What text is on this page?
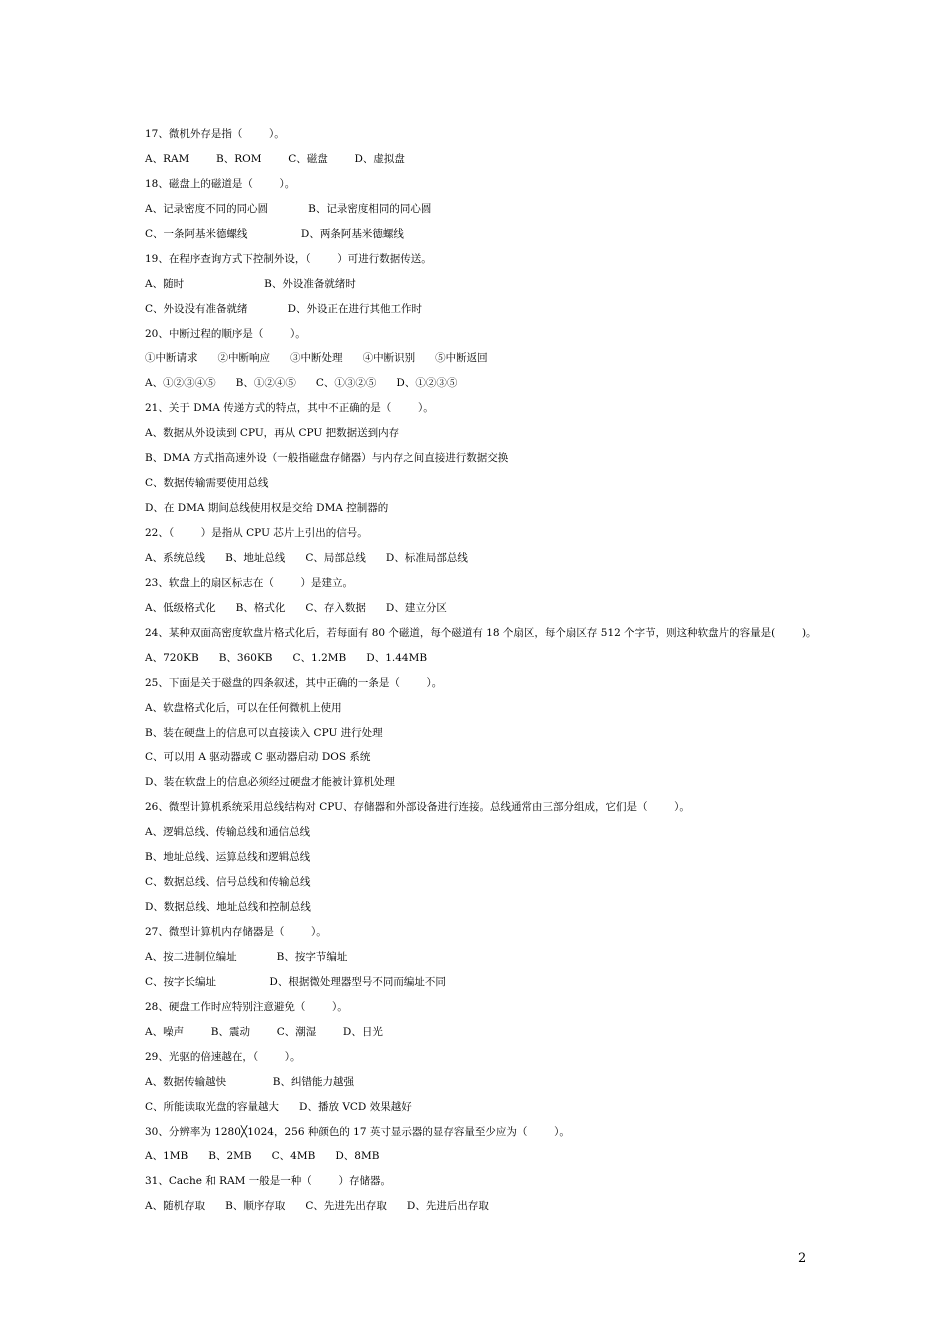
17、微机外存是指（        ）。
A、RAM        B、ROM        C、磁盘        D、虚拟盘
18、磁盘上的磁道是（        ）。
A、记录密度不同的同心圆            B、记录密度相同的同心圆
C、一条阿基米德螺线                D、两条阿基米德螺线
19、在程序查询方式下控制外设，（        ）可进行数据传送。
A、随时                        B、外设准备就绪时
C、外设没有准备就绪            D、外设正在进行其他工作时
20、中断过程的顺序是（        ）。
①中断请求      ②中断响应      ③中断处理      ④中断识别      ⑤中断返回
A、①②③④⑤      B、①②④⑤      C、①③②⑤      D、①②③⑤
21、关于 DMA 传递方式的特点，其中不正确的是（        ）。
A、数据从外设读到 CPU，再从 CPU 把数据送到内存
B、DMA 方式指高速外设（一般指磁盘存储器）与内存之间直接进行数据交换
C、数据传输需要使用总线
D、在 DMA 期间总线使用权是交给 DMA 控制器的
22、（        ）是指从 CPU 芯片上引出的信号。
A、系统总线      B、地址总线      C、局部总线      D、标准局部总线
23、软盘上的扇区标志在（        ）是建立。
A、低级格式化      B、格式化      C、存入数据      D、建立分区
24、某种双面高密度软盘片格式化后，若每面有 80 个磁道，每个磁道有 18 个扇区，每个扇区存 512 个字节，则这种软盘片的容量是(        )。
A、720KB      B、360KB      C、1.2MB      D、1.44MB
25、下面是关于磁盘的四条叙述，其中正确的一条是（        ）。
A、软盘格式化后，可以在任何微机上使用
B、装在硬盘上的信息可以直接读入 CPU 进行处理
C、可以用 A 驱动器或 C 驱动器启动 DOS 系统
D、装在软盘上的信息必须经过硬盘才能被计算机处理
26、微型计算机系统采用总线结构对 CPU、存储器和外部设备进行连接。总线通常由三部分组成，它们是（        ）。
A、逻辑总线、传输总线和通信总线
B、地址总线、运算总线和逻辑总线
C、数据总线、信号总线和传输总线
D、数据总线、地址总线和控制总线
27、微型计算机内存储器是（        ）。
A、按二进制位编址            B、按字节编址
C、按字长编址                D、根据微处理器型号不同而编址不同
28、硬盘工作时应特别注意避免（        ）。
A、噪声        B、震动        C、潮湿        D、日光
29、光驱的倍速越在，（        ）。
A、数据传输越快              B、纠错能力越强
C、所能读取光盘的容量越大      D、播放 VCD 效果越好
30、分辨率为 1280╳1024，256 种颜色的 17 英寸显示器的显存容量至少应为（        ）。
A、1MB      B、2MB      C、4MB      D、8MB
31、Cache 和 RAM 一般是一种（        ）存储器。
A、随机存取      B、顺序存取      C、先进先出存取      D、先进后出存取
2
